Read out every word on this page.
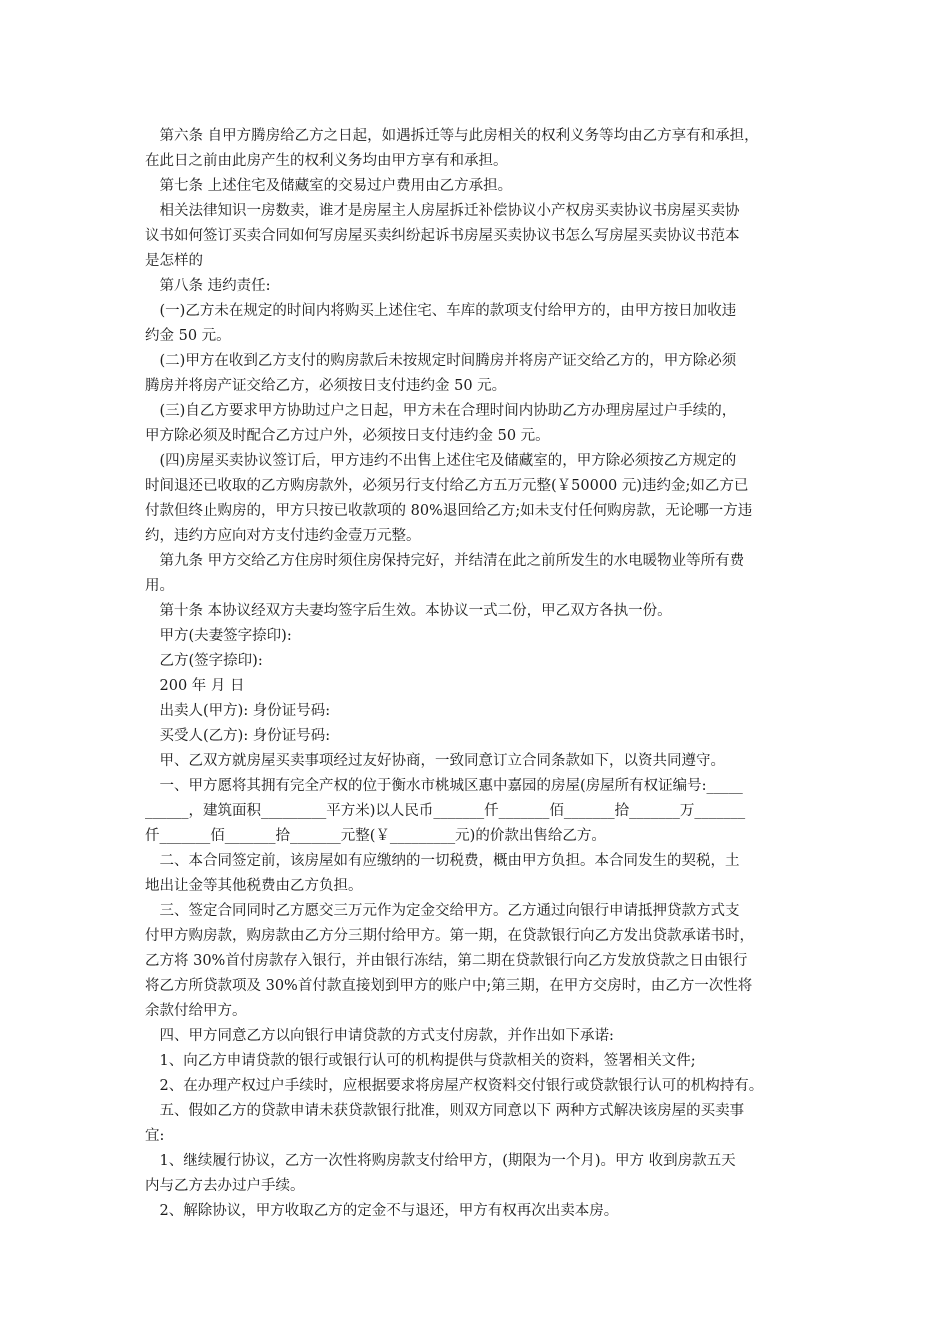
　第六条 自甲方腾房给乙方之日起，如遇拆迁等与此房相关的权利义务等均由乙方享有和承担，
在此日之前由此房产生的权利义务均由甲方享有和承担。
　第七条 上述住宅及储藏室的交易过户费用由乙方承担。
　相关法律知识一房数卖，谁才是房屋主人房屋拆迁补偿协议小产权房买卖协议书房屋买卖协
议书如何签订买卖合同如何写房屋买卖纠纷起诉书房屋买卖协议书怎么写房屋买卖协议书范本
是怎样的
　第八条 违约责任:
　(一)乙方未在规定的时间内将购买上述住宅、车库的款项支付给甲方的，由甲方按日加收违
约金 50 元。
　(二)甲方在收到乙方支付的购房款后未按规定时间腾房并将房产证交给乙方的，甲方除必须
腾房并将房产证交给乙方，必须按日支付违约金 50 元。
　(三)自乙方要求甲方协助过户之日起，甲方未在合理时间内协助乙方办理房屋过户手续的，
甲方除必须及时配合乙方过户外，必须按日支付违约金 50 元。
　(四)房屋买卖协议签订后，甲方违约不出售上述住宅及储藏室的，甲方除必须按乙方规定的
时间退还已收取的乙方购房款外，必须另行支付给乙方五万元整(￥50000 元)违约金;如乙方已
付款但终止购房的，甲方只按已收款项的 80%退回给乙方;如未支付任何购房款，无论哪一方违
约，违约方应向对方支付违约金壹万元整。
　第九条 甲方交给乙方住房时须住房保持完好，并结清在此之前所发生的水电暖物业等所有费
用。
　第十条 本协议经双方夫妻均签字后生效。本协议一式二份，甲乙双方各执一份。
　甲方(夫妻签字捺印):
　乙方(签字捺印):
　200 年 月 日
　出卖人(甲方): 身份证号码:
　买受人(乙方): 身份证号码:
　甲、乙双方就房屋买卖事项经过友好协商，一致同意订立合同条款如下，以资共同遵守。
　一、甲方愿将其拥有完全产权的位于衡水市桃城区惠中嘉园的房屋(房屋所有权证编号:_____
______，建筑面积_________平方米)以人民币_______仟_______佰_______拾_______万_______
仟_______佰_______拾_______元整(￥_________元)的价款出售给乙方。
　二、本合同签定前，该房屋如有应缴纳的一切税费，概由甲方负担。本合同发生的契税，土
地出让金等其他税费由乙方负担。
　三、签定合同同时乙方愿交三万元作为定金交给甲方。乙方通过向银行申请抵押贷款方式支
付甲方购房款，购房款由乙方分三期付给甲方。第一期，在贷款银行向乙方发出贷款承诺书时，
乙方将 30%首付房款存入银行，并由银行冻结，第二期在贷款银行向乙方发放贷款之日由银行
将乙方所贷款项及 30%首付款直接划到甲方的账户中;第三期，在甲方交房时，由乙方一次性将
余款付给甲方。
　四、甲方同意乙方以向银行申请贷款的方式支付房款，并作出如下承诺:
　1、向乙方申请贷款的银行或银行认可的机构提供与贷款相关的资料，签署相关文件;
　2、在办理产权过户手续时，应根据要求将房屋产权资料交付银行或贷款银行认可的机构持有。
　五、假如乙方的贷款申请未获贷款银行批准，则双方同意以下 两种方式解决该房屋的买卖事
宜:
　1、继续履行协议，乙方一次性将购房款支付给甲方，(期限为一个月)。甲方 收到房款五天
内与乙方去办过户手续。
　2、解除协议，甲方收取乙方的定金不与退还，甲方有权再次出卖本房。
